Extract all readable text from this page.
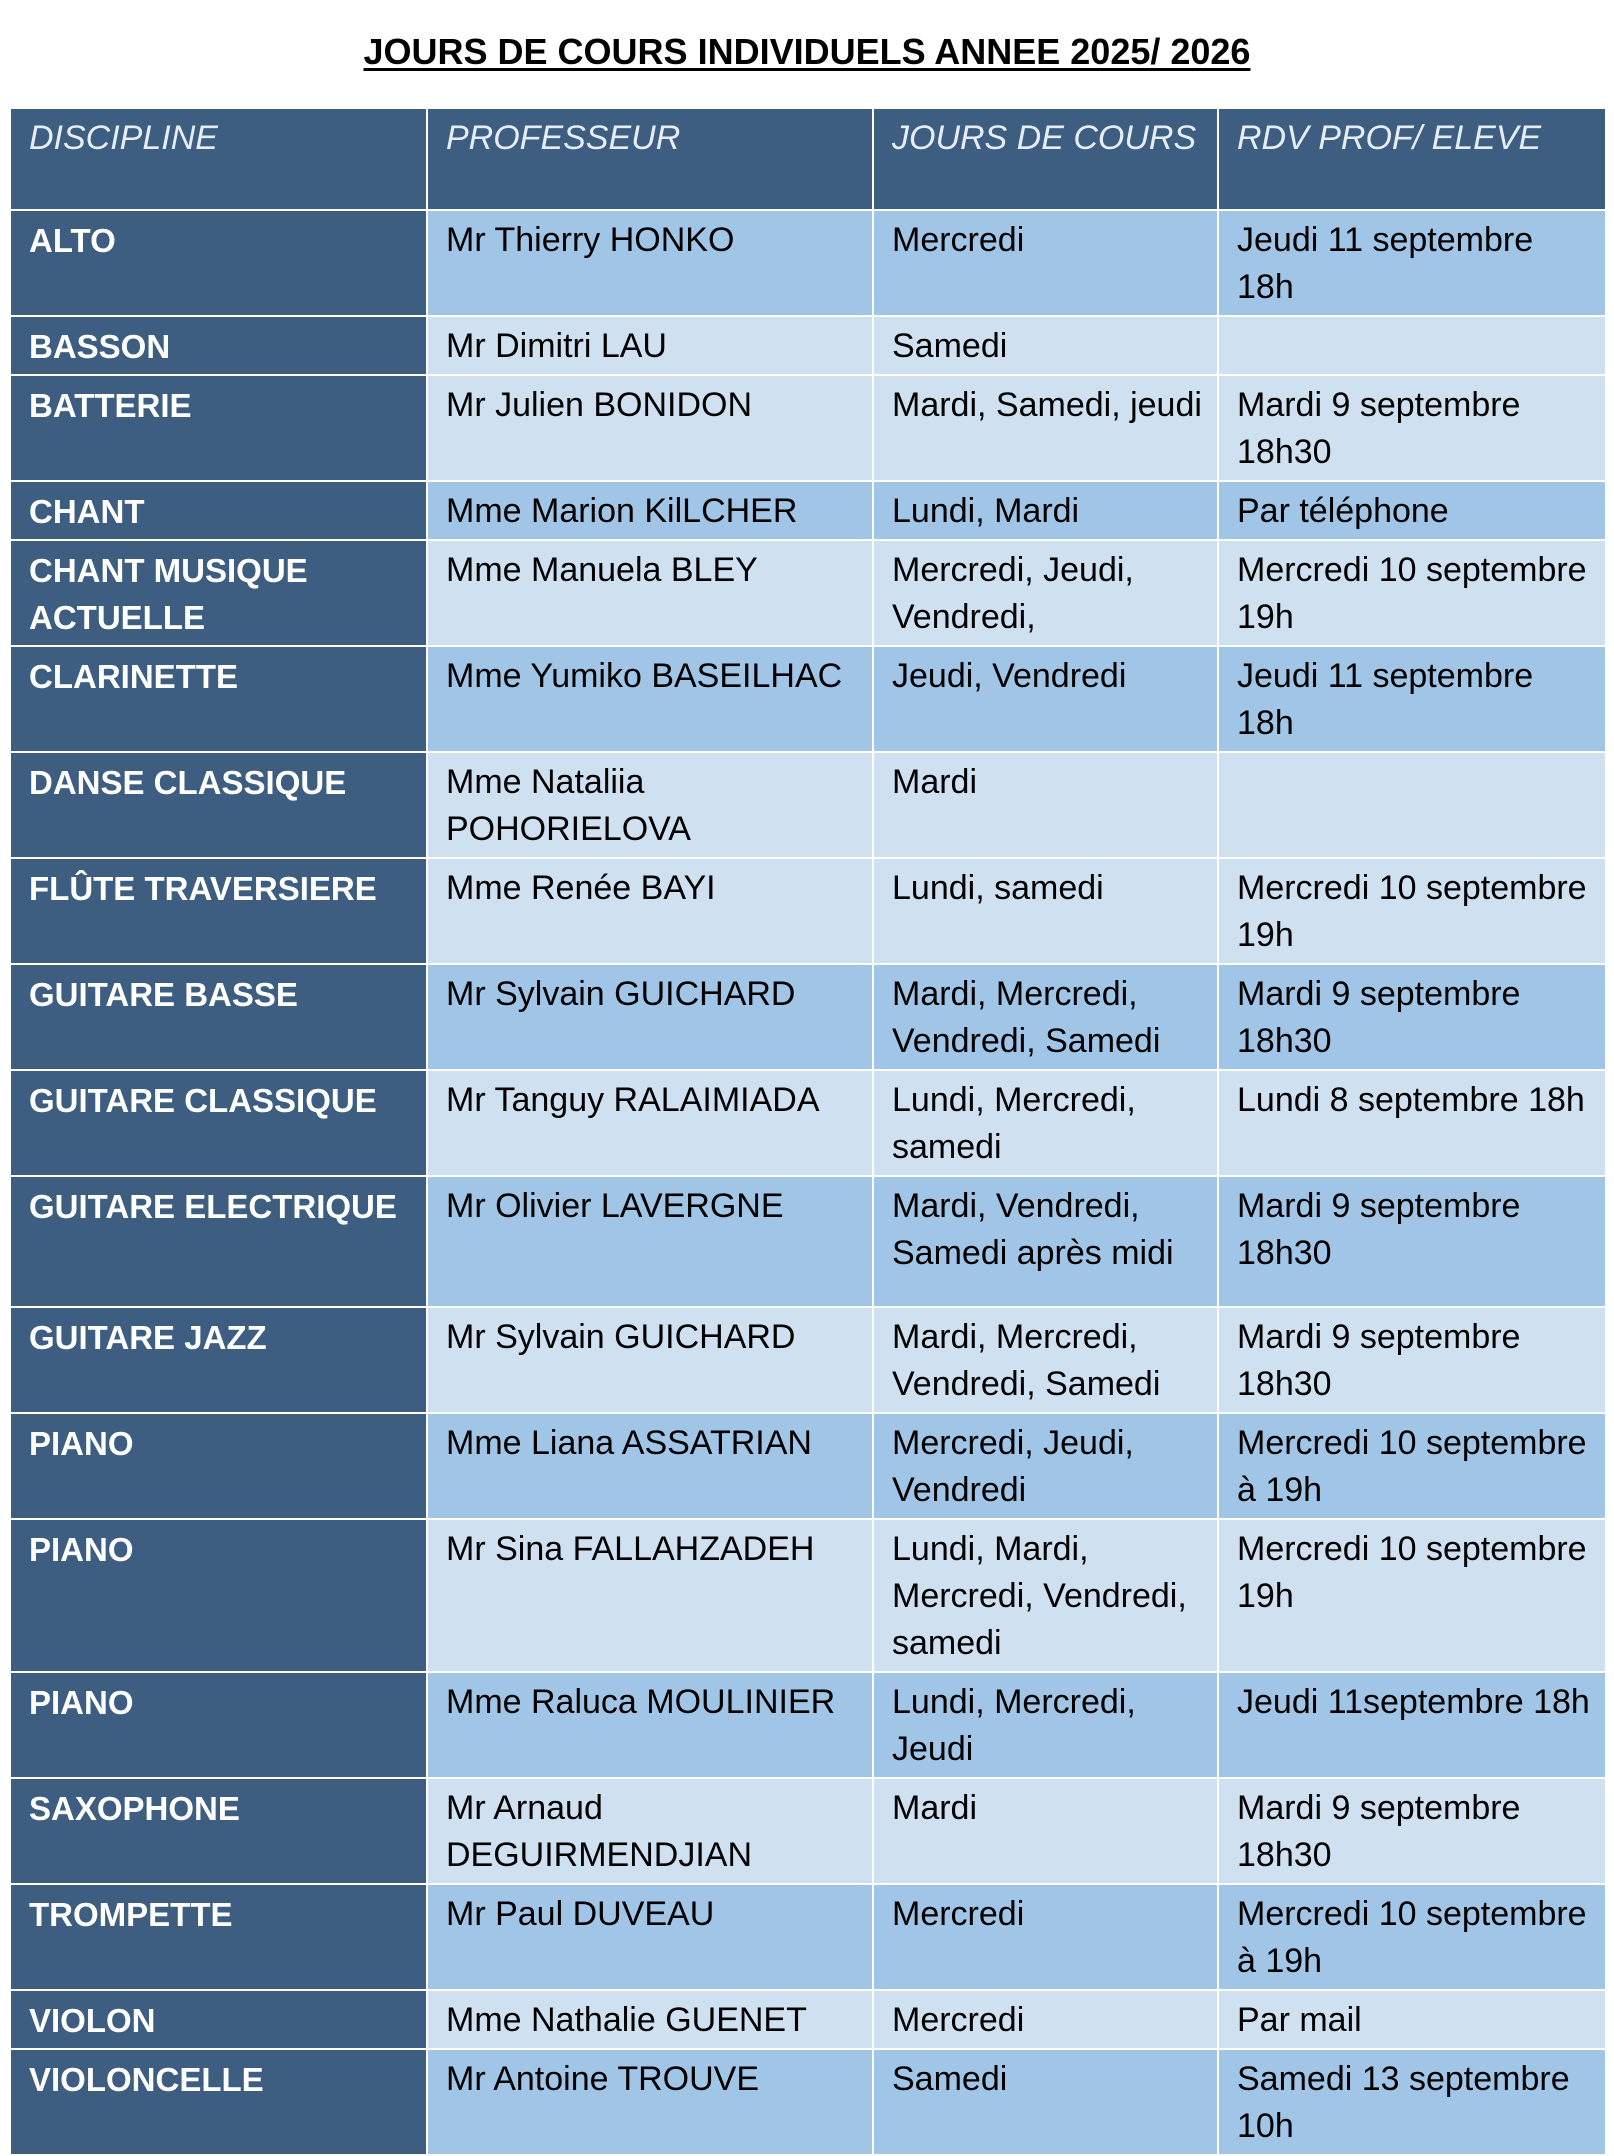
JOURS DE COURS INDIVIDUELS ANNEE 2025/ 2026
DISCIPLINE	PROFESSEUR	JOURS DE COURS	RDV PROF/ ELEVE
ALTO	Mr Thierry HONKO	Mercredi	Jeudi 11 septembre 18h
BASSON	Mr Dimitri LAU	Samedi	
BATTERIE	Mr Julien BONIDON	Mardi, Samedi, jeudi	Mardi 9 septembre 18h30
CHANT	Mme Marion KilLCHER	Lundi, Mardi	Par téléphone
CHANT MUSIQUE ACTUELLE	Mme Manuela BLEY	Mercredi, Jeudi, Vendredi,	Mercredi 10 septembre 19h
CLARINETTE	Mme Yumiko BASEILHAC	Jeudi, Vendredi	Jeudi 11 septembre 18h
DANSE CLASSIQUE	Mme Nataliia POHORIELOVA	Mardi	
FLÛTE TRAVERSIERE	Mme Renée BAYI	Lundi, samedi	Mercredi 10 septembre 19h
GUITARE BASSE	Mr Sylvain GUICHARD	Mardi, Mercredi, Vendredi, Samedi	Mardi 9 septembre 18h30
GUITARE CLASSIQUE	Mr Tanguy RALAIMIADA	Lundi, Mercredi, samedi	Lundi 8 septembre 18h
GUITARE ELECTRIQUE	Mr Olivier LAVERGNE	Mardi, Vendredi, Samedi après midi	Mardi 9 septembre 18h30
GUITARE JAZZ	Mr Sylvain GUICHARD	Mardi, Mercredi, Vendredi, Samedi	Mardi 9 septembre 18h30
PIANO	Mme Liana ASSATRIAN	Mercredi, Jeudi, Vendredi	Mercredi 10 septembre à 19h
PIANO	Mr Sina FALLAHZADEH	Lundi, Mardi, Mercredi, Vendredi, samedi	Mercredi 10 septembre 19h
PIANO	Mme Raluca MOULINIER	Lundi, Mercredi, Jeudi	Jeudi 11septembre 18h
SAXOPHONE	Mr Arnaud DEGUIRMENDJIAN	Mardi	Mardi 9 septembre 18h30
TROMPETTE	Mr Paul DUVEAU	Mercredi	Mercredi 10 septembre à 19h
VIOLON	Mme Nathalie GUENET	Mercredi	Par mail
VIOLONCELLE	Mr Antoine TROUVE	Samedi	Samedi 13 septembre 10h
